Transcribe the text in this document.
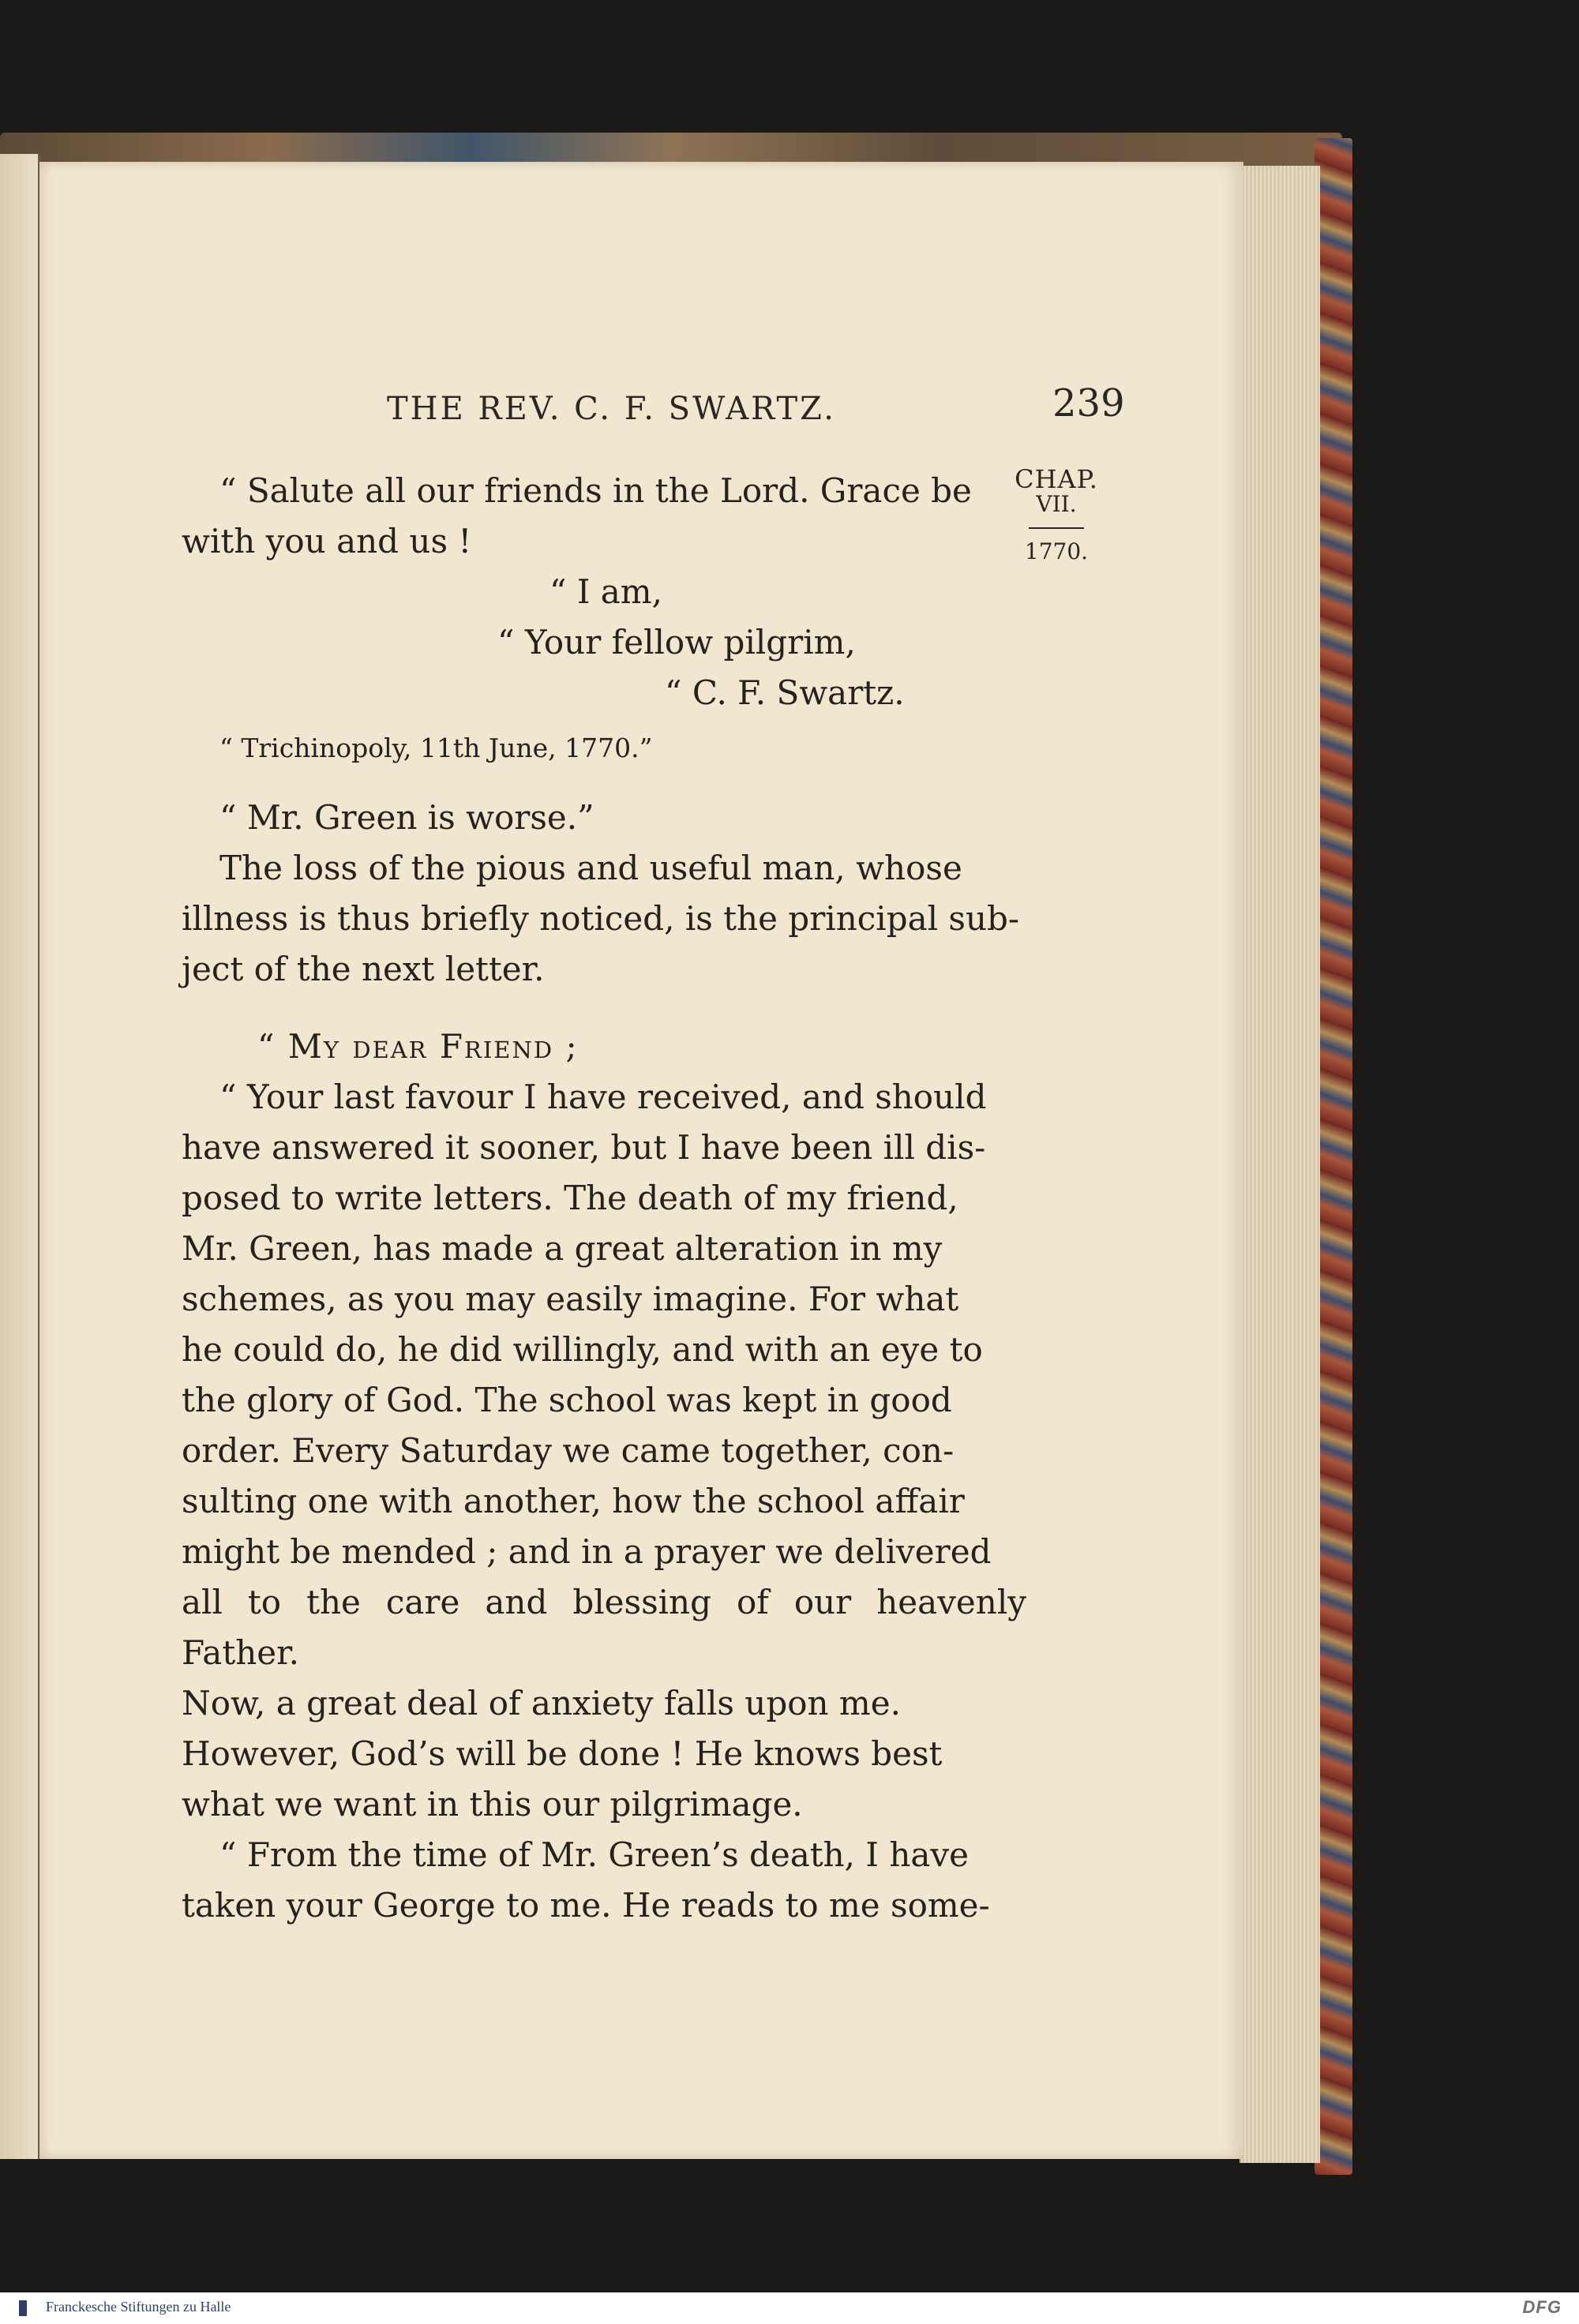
THE REV. C. F. SWARTZ.	239
CHAP.
VII.
1770.

“ Salute all our friends in the Lord. Grace be

with you and us !

“ I am,

“ Your fellow pilgrim,

“ C. F. Swartz.

“ Trichinopoly, 11th June, 1770.”

“ Mr. Green is worse.”

The loss of the pious and useful man, whose

illness is thus briefly noticed, is the principal sub-

ject of the next letter.

“ My dear Friend ;

“ Your last favour I have received, and should

have answered it sooner, but I have been ill dis-

posed to write letters. The death of my friend,

Mr. Green, has made a great alteration in my

schemes, as you may easily imagine. For what

he could do, he did willingly, and with an eye to

the glory of God. The school was kept in good

order. Every Saturday we came together, con-

sulting one with another, how the school affair

might be mended ; and in a prayer we delivered

all to the care and blessing of our heavenly Father.

Now, a great deal of anxiety falls upon me.

However, God’s will be done ! He knows best

what we want in this our pilgrimage.

“ From the time of Mr. Green’s death, I have

taken your George to me. He reads to me some-

Franckesche Stiftungen zu Halle	DFG
